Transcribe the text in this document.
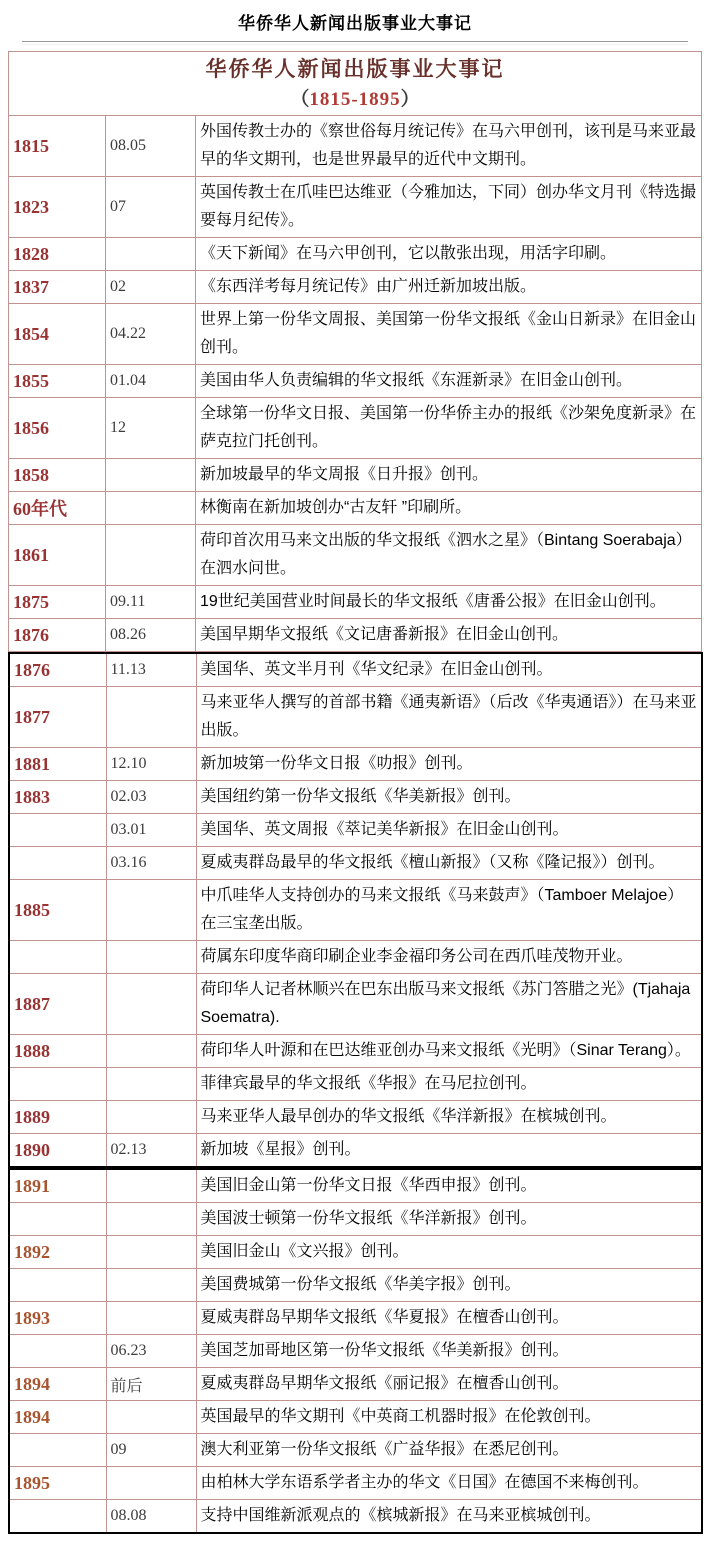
华侨华人新闻出版事业大事记
华侨华人新闻出版事业大事记
（1815-1895）		

1815	08.05	外国传教士办的《察世俗每月统记传》在马六甲创刊，该刊是马来亚最早的华文期刊，也是世界最早的近代中文期刊。
1823	07	英国传教士在爪哇巴达维亚（今雅加达，下同）创办华文月刊《特选撮要每月纪传》。
1828		《天下新闻》在马六甲创刊，它以散张出现，用活字印刷。
1837	02	《东西洋考每月统记传》由广州迁新加坡出版。
1854	04.22	世界上第一份华文周报、美国第一份华文报纸《金山日新录》在旧金山创刊。
1855	01.04	美国由华人负责编辑的华文报纸《东涯新录》在旧金山创刊。
1856	12	全球第一份华文日报、美国第一份华侨主办的报纸《沙架免度新录》在萨克拉门托创刊。
1858		新加坡最早的华文周报《日升报》创刊。
60年代		林衡南在新加坡创办“古友轩 ”印刷所。
1861		荷印首次用马来文出版的华文报纸《泗水之星》（Bintang Soerabaja）在泗水问世。
1875	09.11	19世纪美国营业时间最长的华文报纸《唐番公报》在旧金山创刊。
1876	08.26	美国早期华文报纸《文记唐番新报》在旧金山创刊。
1876	11.13	美国华、英文半月刊《华文纪录》在旧金山创刊。
1877		马来亚华人撰写的首部书籍《通夷新语》（后改《华夷通语》）在马来亚出版。
1881	12.10	新加坡第一份华文日报《叻报》创刊。
1883	02.03	美国纽约第一份华文报纸《华美新报》创刊。
	03.01	美国华、英文周报《萃记美华新报》在旧金山创刊。
	03.16	夏威夷群岛最早的华文报纸《檀山新报》（又称《隆记报》）创刊。
1885		中爪哇华人支持创办的马来文报纸《马来鼓声》（Tamboer Melajoe）在三宝垄出版。
		荷属东印度华商印刷企业李金福印务公司在西爪哇茂物开业。
1887		荷印华人记者林顺兴在巴东出版马来文报纸《苏门答腊之光》(Tjahaja Soematra).
1888		荷印华人叶源和在巴达维亚创办马来文报纸《光明》（Sinar Terang）。
		菲律宾最早的华文报纸《华报》在马尼拉创刊。
1889		马来亚华人最早创办的华文报纸《华洋新报》在槟城创刊。
1890	02.13	新加坡《星报》创刊。
1891		美国旧金山第一份华文日报《华西申报》创刊。
		美国波士顿第一份华文报纸《华洋新报》创刊。
1892		美国旧金山《文兴报》创刊。
		美国费城第一份华文报纸《华美字报》创刊。
1893		夏威夷群岛早期华文报纸《华夏报》在檀香山创刊。
	06.23	美国芝加哥地区第一份华文报纸《华美新报》创刊。
1894	前后	夏威夷群岛早期华文报纸《丽记报》在檀香山创刊。
1894		英国最早的华文期刊《中英商工机器时报》在伦敦创刊。
	09	澳大利亚第一份华文报纸《广益华报》在悉尼创刊。
1895		由柏林大学东语系学者主办的华文《日国》在德国不来梅创刊。
	08.08	支持中国维新派观点的《槟城新报》在马来亚槟城创刊。
